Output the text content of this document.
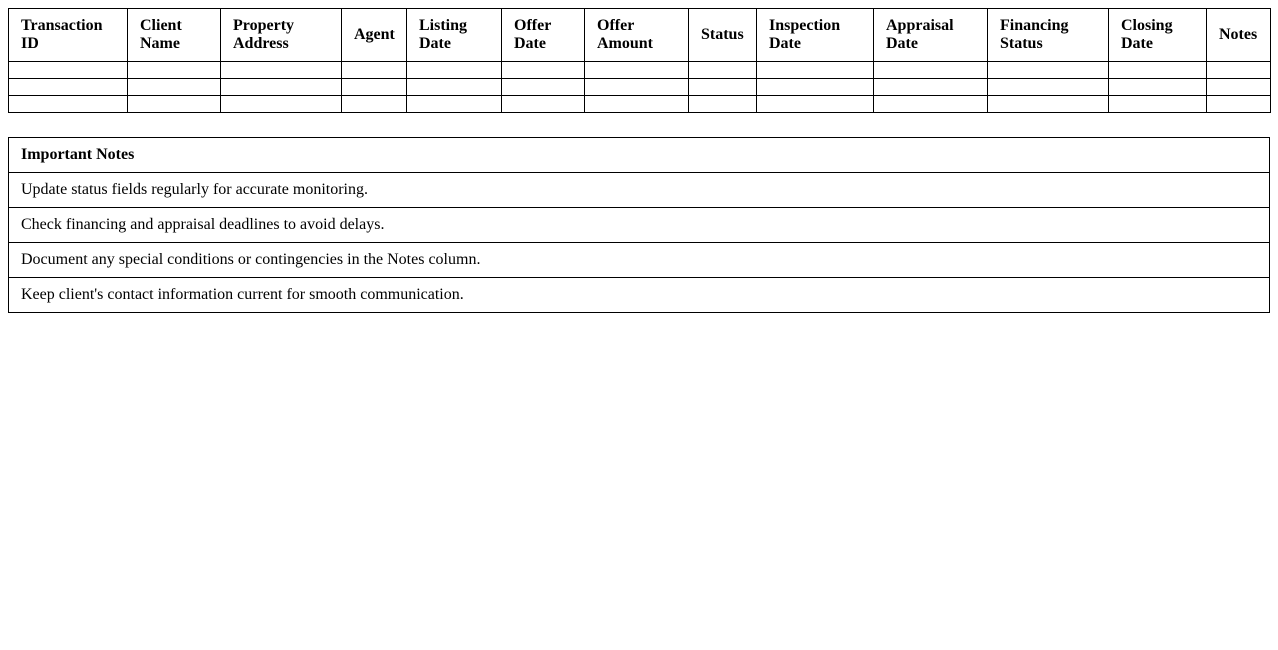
Transaction ID	Client Name	Property Address	Agent	Listing Date	Offer Date	Offer Amount	Status	Inspection Date	Appraisal Date	Financing Status	Closing Date	Notes

Important Notes
Update status fields regularly for accurate monitoring.
Check financing and appraisal deadlines to avoid delays.
Document any special conditions or contingencies in the Notes column.
Keep client's contact information current for smooth communication.
